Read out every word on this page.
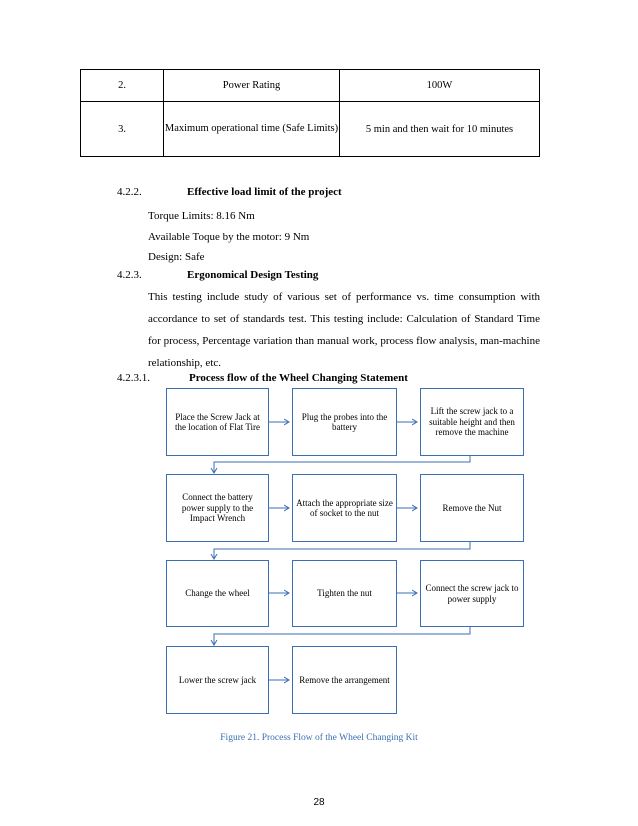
2.	Power Rating	100W
3.	Maximum operational time (Safe Limits)	5 min and then wait for 10 minutes
4.2.2.	Effective load limit of the project
Torque Limits: 8.16 Nm
Available Toque by the motor: 9 Nm
Design: Safe
4.2.3.	Ergonomical Design Testing
This testing include study of various set of performance vs. time consumption with accordance to set of standards test. This testing include: Calculation of Standard Time for process, Percentage variation than manual work, process flow analysis, man-machine relationship, etc.
4.2.3.1.	Process flow of the Wheel Changing Statement
Place the Screw Jack at the location of Flat Tire
Plug the probes into the battery
Lift the screw jack to a suitable height and then remove the machine
Connect the battery power supply to the Impact Wrench
Attach the appropriate size of socket to the nut
Remove the Nut
Change the wheel	Tighten the nut
Connect the screw jack to power supply
Lower the screw jack	Remove the arrangement
Figure 21. Process Flow of the Wheel Changing Kit
28
